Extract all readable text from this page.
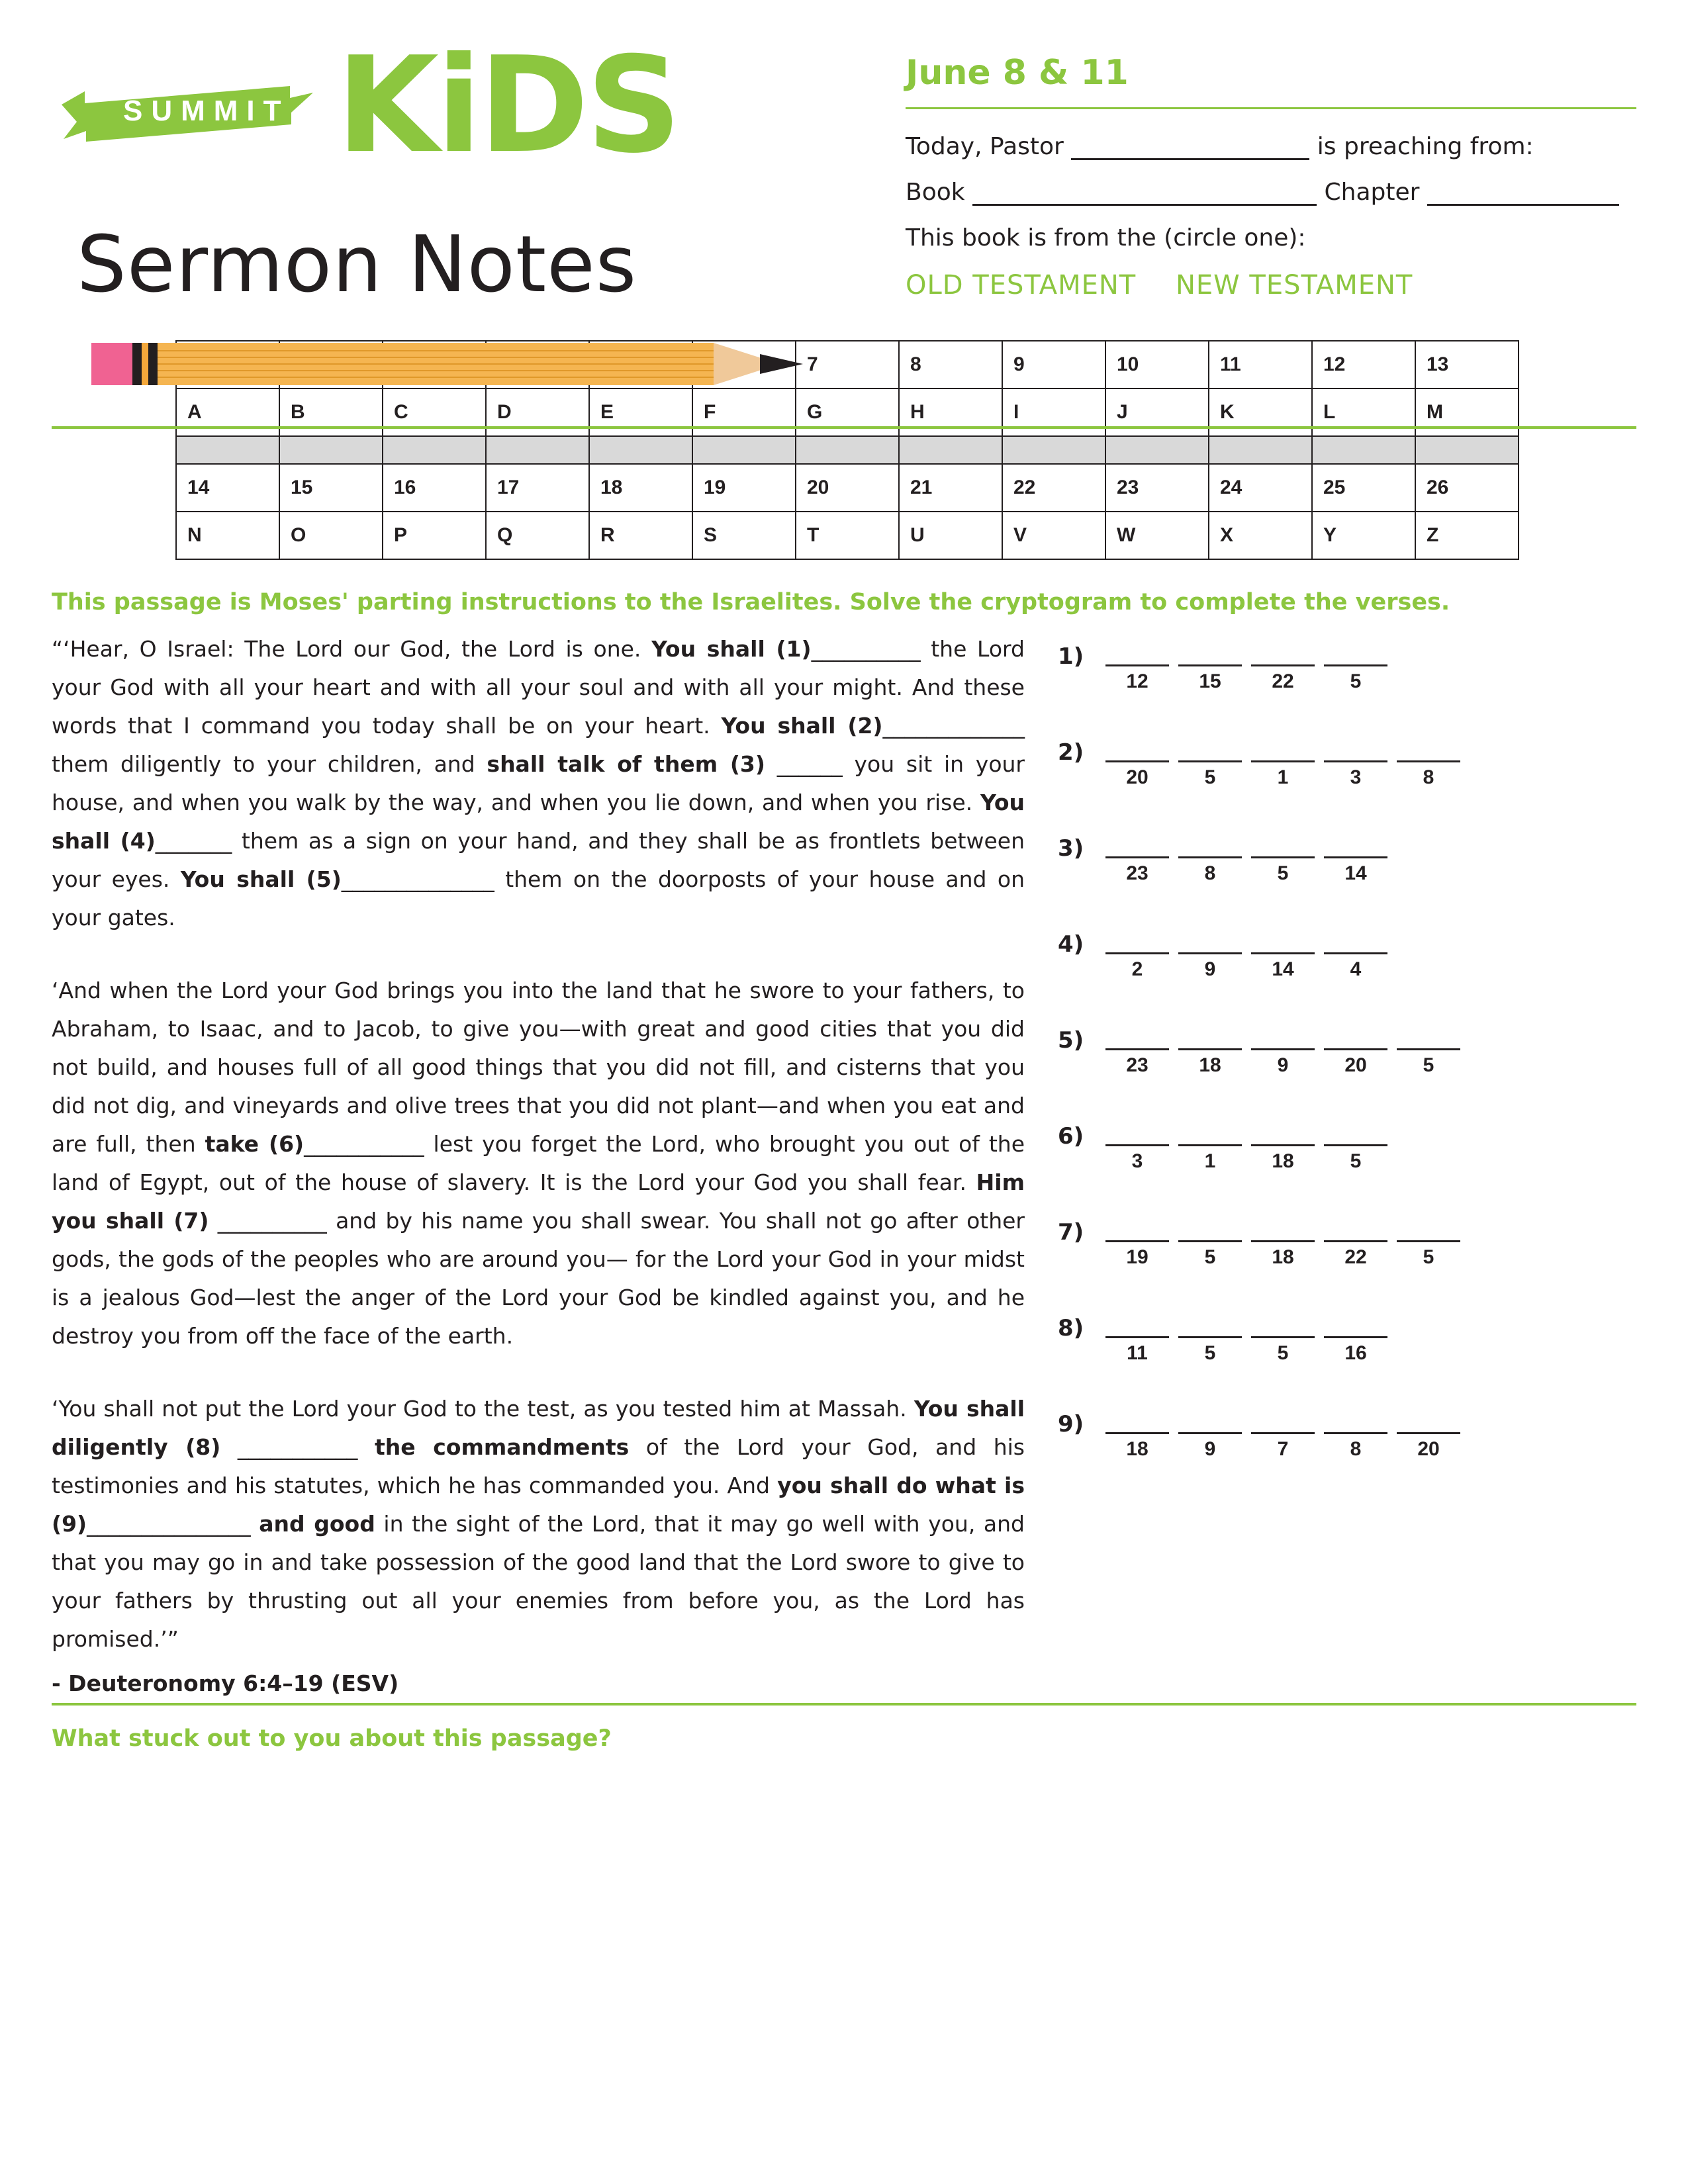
SUMMIT KiDS
Sermon Notes
June 8 & 11
Today, Pastor	is preaching from:
Book	Chapter
This book is from the (circle one):
OLD TESTAMENT NEW TESTAMENT
						7	8	9	10	11	12	13
A	B	C	D	E	F	G	H	I	J	K	L	M

14	15	16	17	18	19	20	21	22	23	24	25	26
N	O	P	Q	R	S	T	U	V	W	X	Y	Z
This passage is Moses' parting instructions to the Israelites. Solve the cryptogram to complete the verses.

“‘Hear, O Israel: The Lord our God, the Lord is one. You shall (1)__________ the Lord your God with all your heart and with all your soul and with all your might. And these words that I command you today shall be on your heart. You shall (2)_____________ them diligently to your children, and shall talk of them (3) ______ you sit in your house, and when you walk by the way, and when you lie down, and when you rise. You shall (4)_______ them as a sign on your hand, and they shall be as frontlets between your eyes. You shall (5)______________ them on the doorposts of your house and on your gates.

‘And when the Lord your God brings you into the land that he swore to your fathers, to Abraham, to Isaac, and to Jacob, to give you—with great and good cities that you did not build, and houses full of all good things that you did not fill, and cisterns that you did not dig, and vineyards and olive trees that you did not plant—and when you eat and are full, then take (6)___________ lest you forget the Lord, who brought you out of the land of Egypt, out of the house of slavery. It is the Lord your God you shall fear. Him you shall (7) __________ and by his name you shall swear. You shall not go after other gods, the gods of the peoples who are around you— for the Lord your God in your midst is a jealous God—lest the anger of the Lord your God be kindled against you, and he destroy you from off the face of the earth.

‘You shall not put the Lord your God to the test, as you tested him at Massah. You shall diligently (8) ___________ the commandments of the Lord your God, and his testimonies and his statutes, which he has commanded you. And you shall do what is (9)_______________ and good in the sight of the Lord, that it may go well with you, and that you may go in and take possession of the good land that the Lord swore to give to your fathers by thrusting out all your enemies from before you, as the Lord has promised.’”

- Deuteronomy 6:4–19 (ESV)
1)
12	15	22	5
2)
20	5	1	3	8
3)
23	8	5	14
4)
2	9	14	4
5)
23	18	9	20	5
6)
3	1	18	5
7)
19	5	18	22	5
8)
11	5	5	16
9)
18	9	7	8	20
What stuck out to you about this passage?
